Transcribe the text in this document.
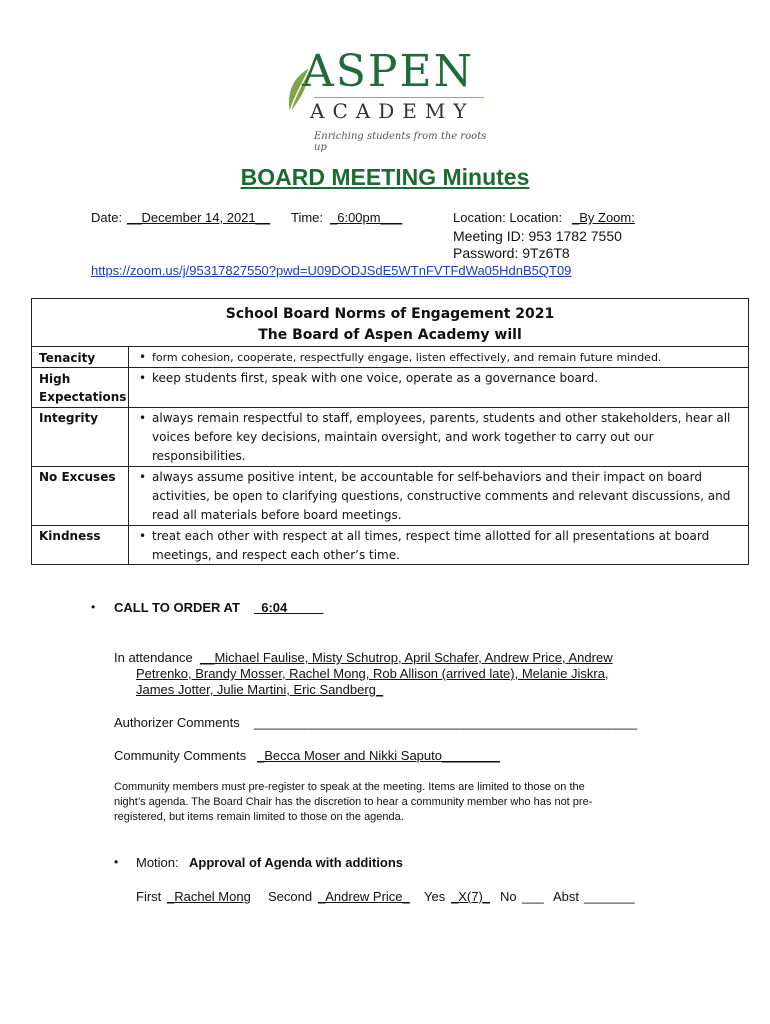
ASPEN
ACADEMY
Enriching students from the roots up
BOARD MEETING Minutes
Date: __December 14, 2021__ Time: _6:00pm___	Location: Location: _By Zoom:
Meeting ID: 953 1782 7550
Password: 9Tz6T8
https://zoom.us/j/95317827550?pwd=U09DODJSdE5WTnFVTFdWa05HdnB5QT09
School Board Norms of Engagement 2021
The Board of Aspen Academy will
Tenacity	• form cohesion, cooperate, respectfully engage, listen effectively, and remain future minded.
High
Expectations
• keep students first, speak with one voice, operate as a governance board.
Integrity	• always remain respectful to staff, employees, parents, students and other stakeholders, hear all
voices before key decisions, maintain oversight, and work together to carry out our
responsibilities.
No Excuses • always assume positive intent, be accountable for self-behaviors and their impact on board
activities, be open to clarifying questions, constructive comments and relevant discussions, and
read all materials before board meetings.
Kindness	• treat each other with respect at all times, respect time allotted for all presentations at board
meetings, and respect each other’s time.
• CALL TO ORDER AT _6:04_____
In attendance __Michael Faulise, Misty Schutrop, April Schafer, Andrew Price, Andrew
Petrenko, Brandy Mosser, Rachel Mong, Rob Allison (arrived late), Melanie Jiskra,
James Jotter, Julie Martini, Eric Sandberg_
Authorizer Comments _____________________________________________________
Community Comments _Becca Moser and Nikki Saputo________
Community members must pre-register to speak at the meeting. Items are limited to those on the
night’s agenda. The Board Chair has the discretion to hear a community member who has not pre-
registered, but items remain limited to those on the agenda.
• Motion: Approval of Agenda with additions
First _Rachel Mong Second _Andrew Price_ Yes _X(7)_ No ___ Abst _______
